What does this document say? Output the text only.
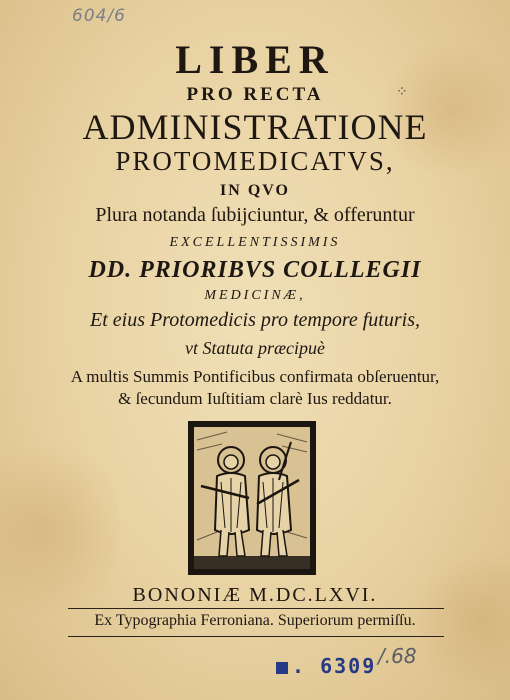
604/6
LIBER
PRO RECTA
ADMINISTRATIONE
PROTOMEDICATVS,
IN QVO
Plura notanda ſubijciuntur, & offeruntur
EXCELLENTISSIMIS
DD. PRIORIBVS COLLLEGII
MEDICINÆ,
Et eius Protomedicis pro tempore futuris,
vt Statuta præcipuè
A multis Summis Pontificibus confirmata obſeruentur,
& ſecundum Iuſtitiam clarè Ius reddatur.
⁘
BONONIÆ M.DC.LXVI.
Ex Typographia Ferroniana. Superiorum permiſſu.
. 6309 /.68
